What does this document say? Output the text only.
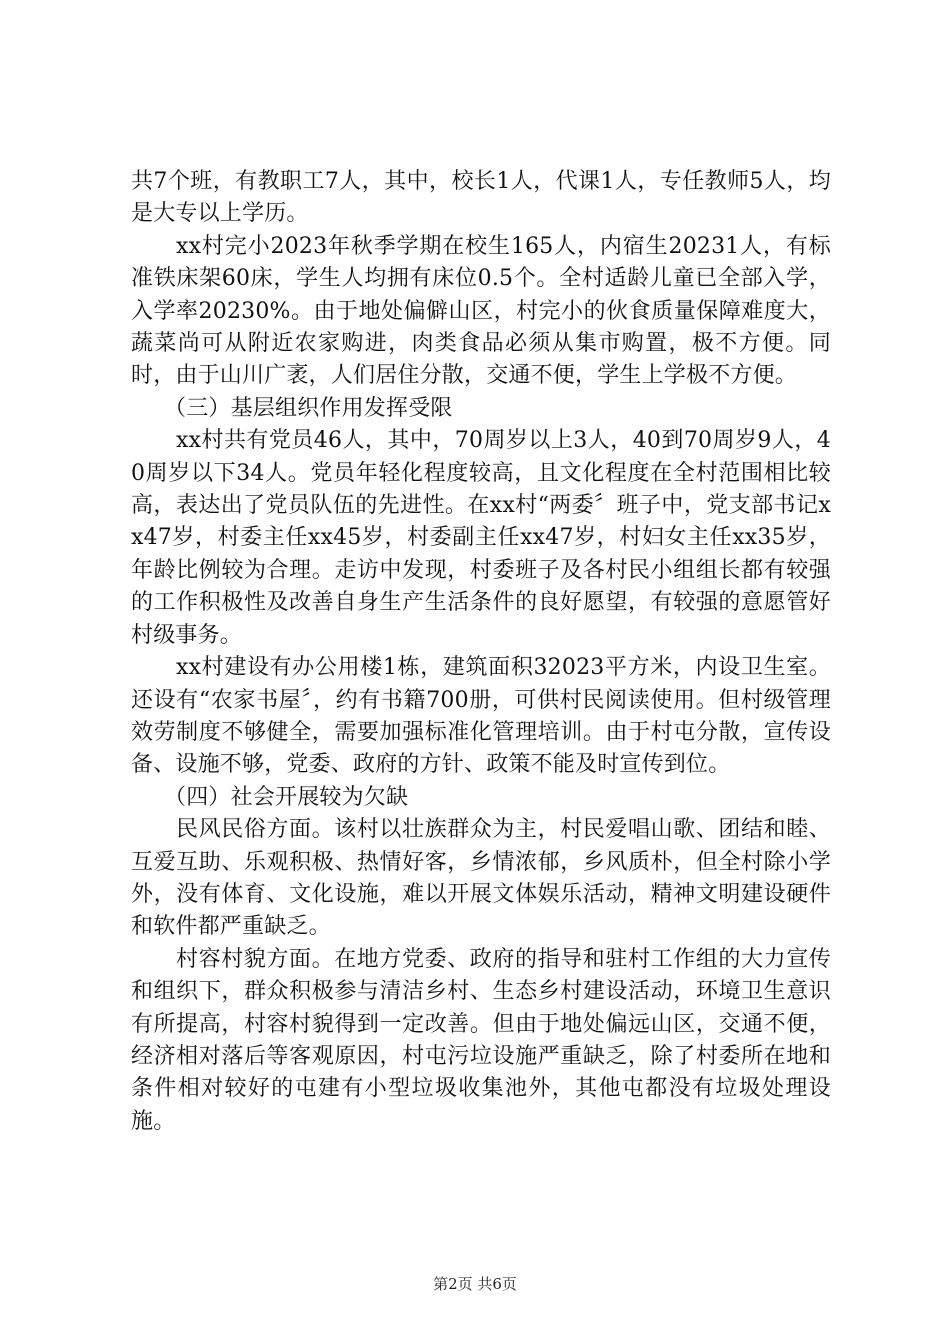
共7个班，有教职工7人，其中，校长1人，代课1人，专任教师5人，均是大专以上学历。

xx村完小2023年秋季学期在校生165人，内宿生20231人，有标准铁床架60床，学生人均拥有床位0.5个。全村适龄儿童已全部入学，入学率20230%。由于地处偏僻山区，村完小的伙食质量保障难度大，蔬菜尚可从附近农家购进，肉类食品必须从集市购置，极不方便。同时，由于山川广袤，人们居住分散，交通不便，学生上学极不方便。

（三）基层组织作用发挥受限

xx村共有党员46人，其中，70周岁以上3人，40到70周岁9人，40周岁以下34人。党员年轻化程度较高，且文化程度在全村范围相比较高，表达出了党员队伍的先进性。在xx村“两委〞班子中，党支部书记xx47岁，村委主任xx45岁，村委副主任xx47岁，村妇女主任xx35岁，年龄比例较为合理。走访中发现，村委班子及各村民小组组长都有较强的工作积极性及改善自身生产生活条件的良好愿望，有较强的意愿管好村级事务。

xx村建设有办公用楼1栋，建筑面积32023平方米，内设卫生室。还设有“农家书屋〞，约有书籍700册，可供村民阅读使用。但村级管理效劳制度不够健全，需要加强标准化管理培训。由于村屯分散，宣传设备、设施不够，党委、政府的方针、政策不能及时宣传到位。

（四）社会开展较为欠缺

民风民俗方面。该村以壮族群众为主，村民爱唱山歌、团结和睦、互爱互助、乐观积极、热情好客，乡情浓郁，乡风质朴，但全村除小学外，没有体育、文化设施，难以开展文体娱乐活动，精神文明建设硬件和软件都严重缺乏。

村容村貌方面。在地方党委、政府的指导和驻村工作组的大力宣传和组织下，群众积极参与清洁乡村、生态乡村建设活动，环境卫生意识有所提高，村容村貌得到一定改善。但由于地处偏远山区，交通不便，经济相对落后等客观原因，村屯污垃设施严重缺乏，除了村委所在地和条件相对较好的屯建有小型垃圾收集池外，其他屯都没有垃圾处理设施。

第2页 共6页
